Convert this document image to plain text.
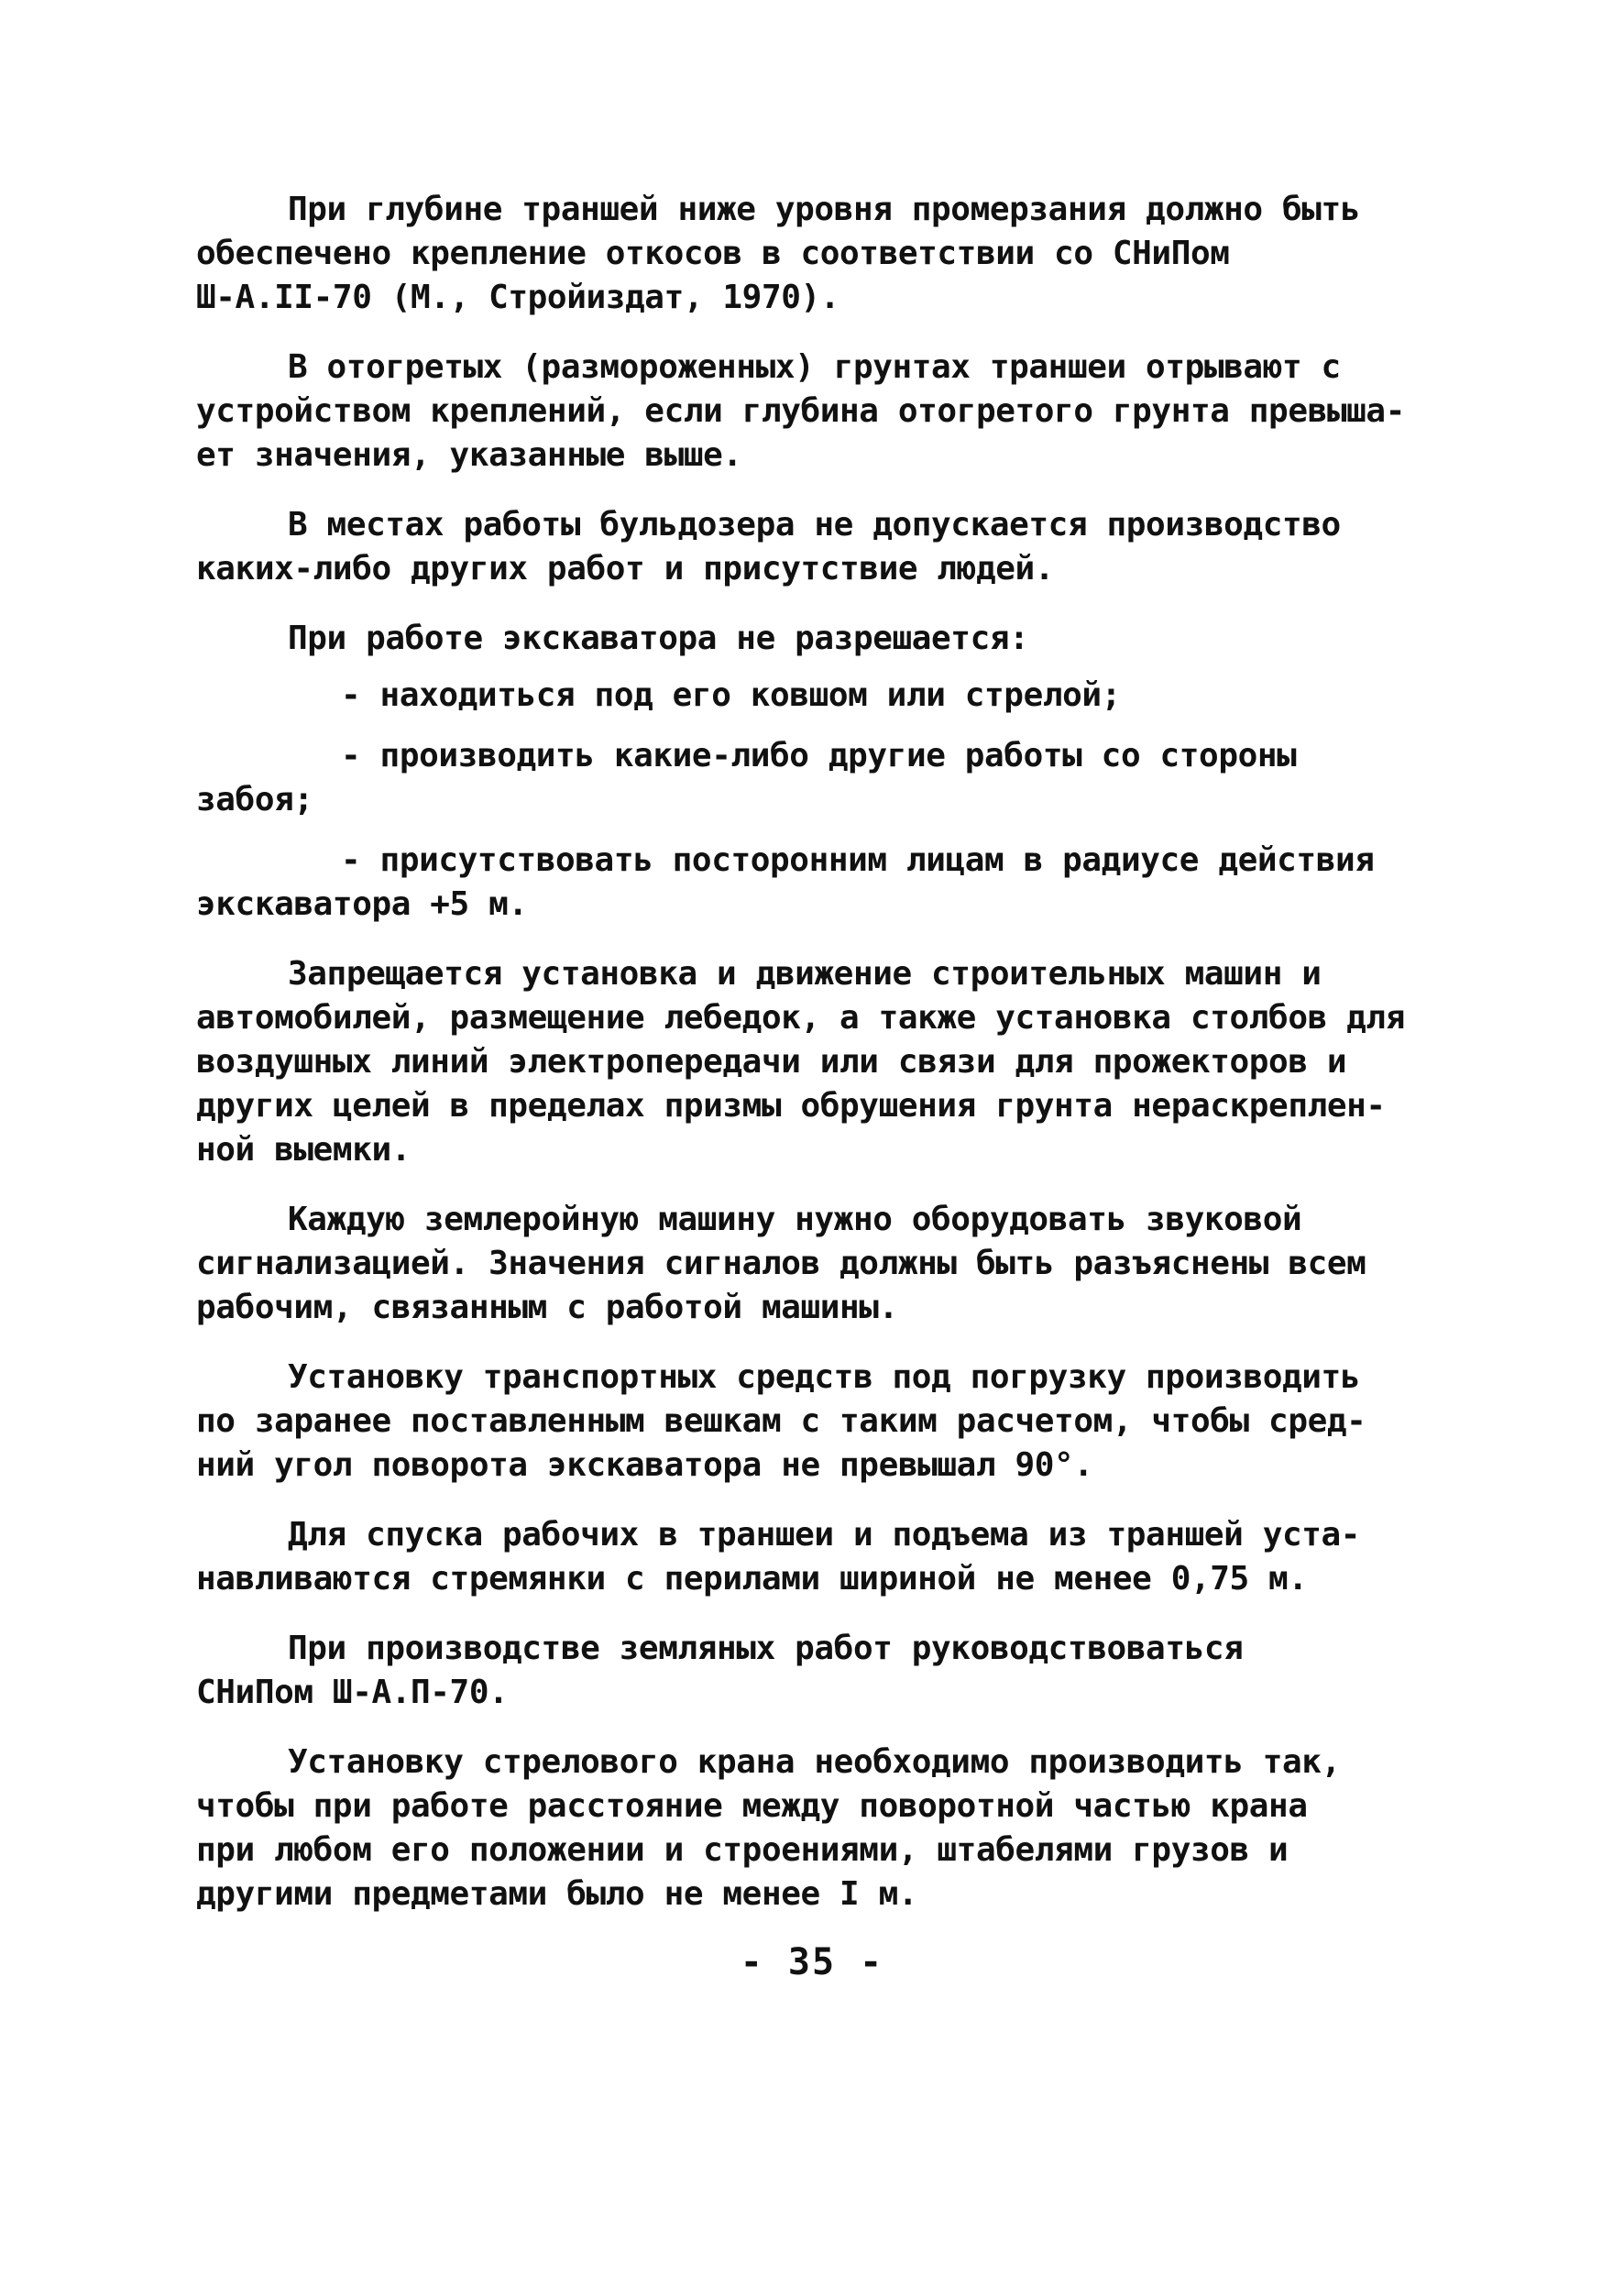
При глубине траншей ниже уровня промерзания должно быть
обеспечено крепление откосов в соответствии со СНиПом
Ш-А.II-70 (М., Стройиздат, 1970).
В отогретых (размороженных) грунтах траншеи отрывают с
устройством креплений, если глубина отогретого грунта превыша-
ет значения, указанные выше.
В местах работы бульдозера не допускается производство
каких-либо других работ и присутствие людей.
При работе экскаватора не разрешается:
- находиться под его ковшом или стрелой;
- производить какие-либо другие работы со стороны
забоя;
- присутствовать посторонним лицам в радиусе действия
экскаватора +5 м.
Запрещается установка и движение строительных машин и
автомобилей, размещение лебедок, а также установка столбов для
воздушных линий электропередачи или связи для прожекторов и
других целей в пределах призмы обрушения грунта нераскреплен-
ной выемки.
Каждую землеройную машину нужно оборудовать звуковой
сигнализацией. Значения сигналов должны быть разъяснены всем
рабочим, связанным с работой машины.
Установку транспортных средств под погрузку производить
по заранее поставленным вешкам с таким расчетом, чтобы сред-
ний угол поворота экскаватора не превышал 90°.
Для спуска рабочих в траншеи и подъема из траншей уста-
навливаются стремянки с перилами шириной не менее 0,75 м.
При производстве земляных работ руководствоваться
СНиПом Ш-А.П-70.
Установку стрелового крана необходимо производить так,
чтобы при работе расстояние между поворотной частью крана
при любом его положении и строениями, штабелями грузов и
другими предметами было не менее I м.
- 35 -
